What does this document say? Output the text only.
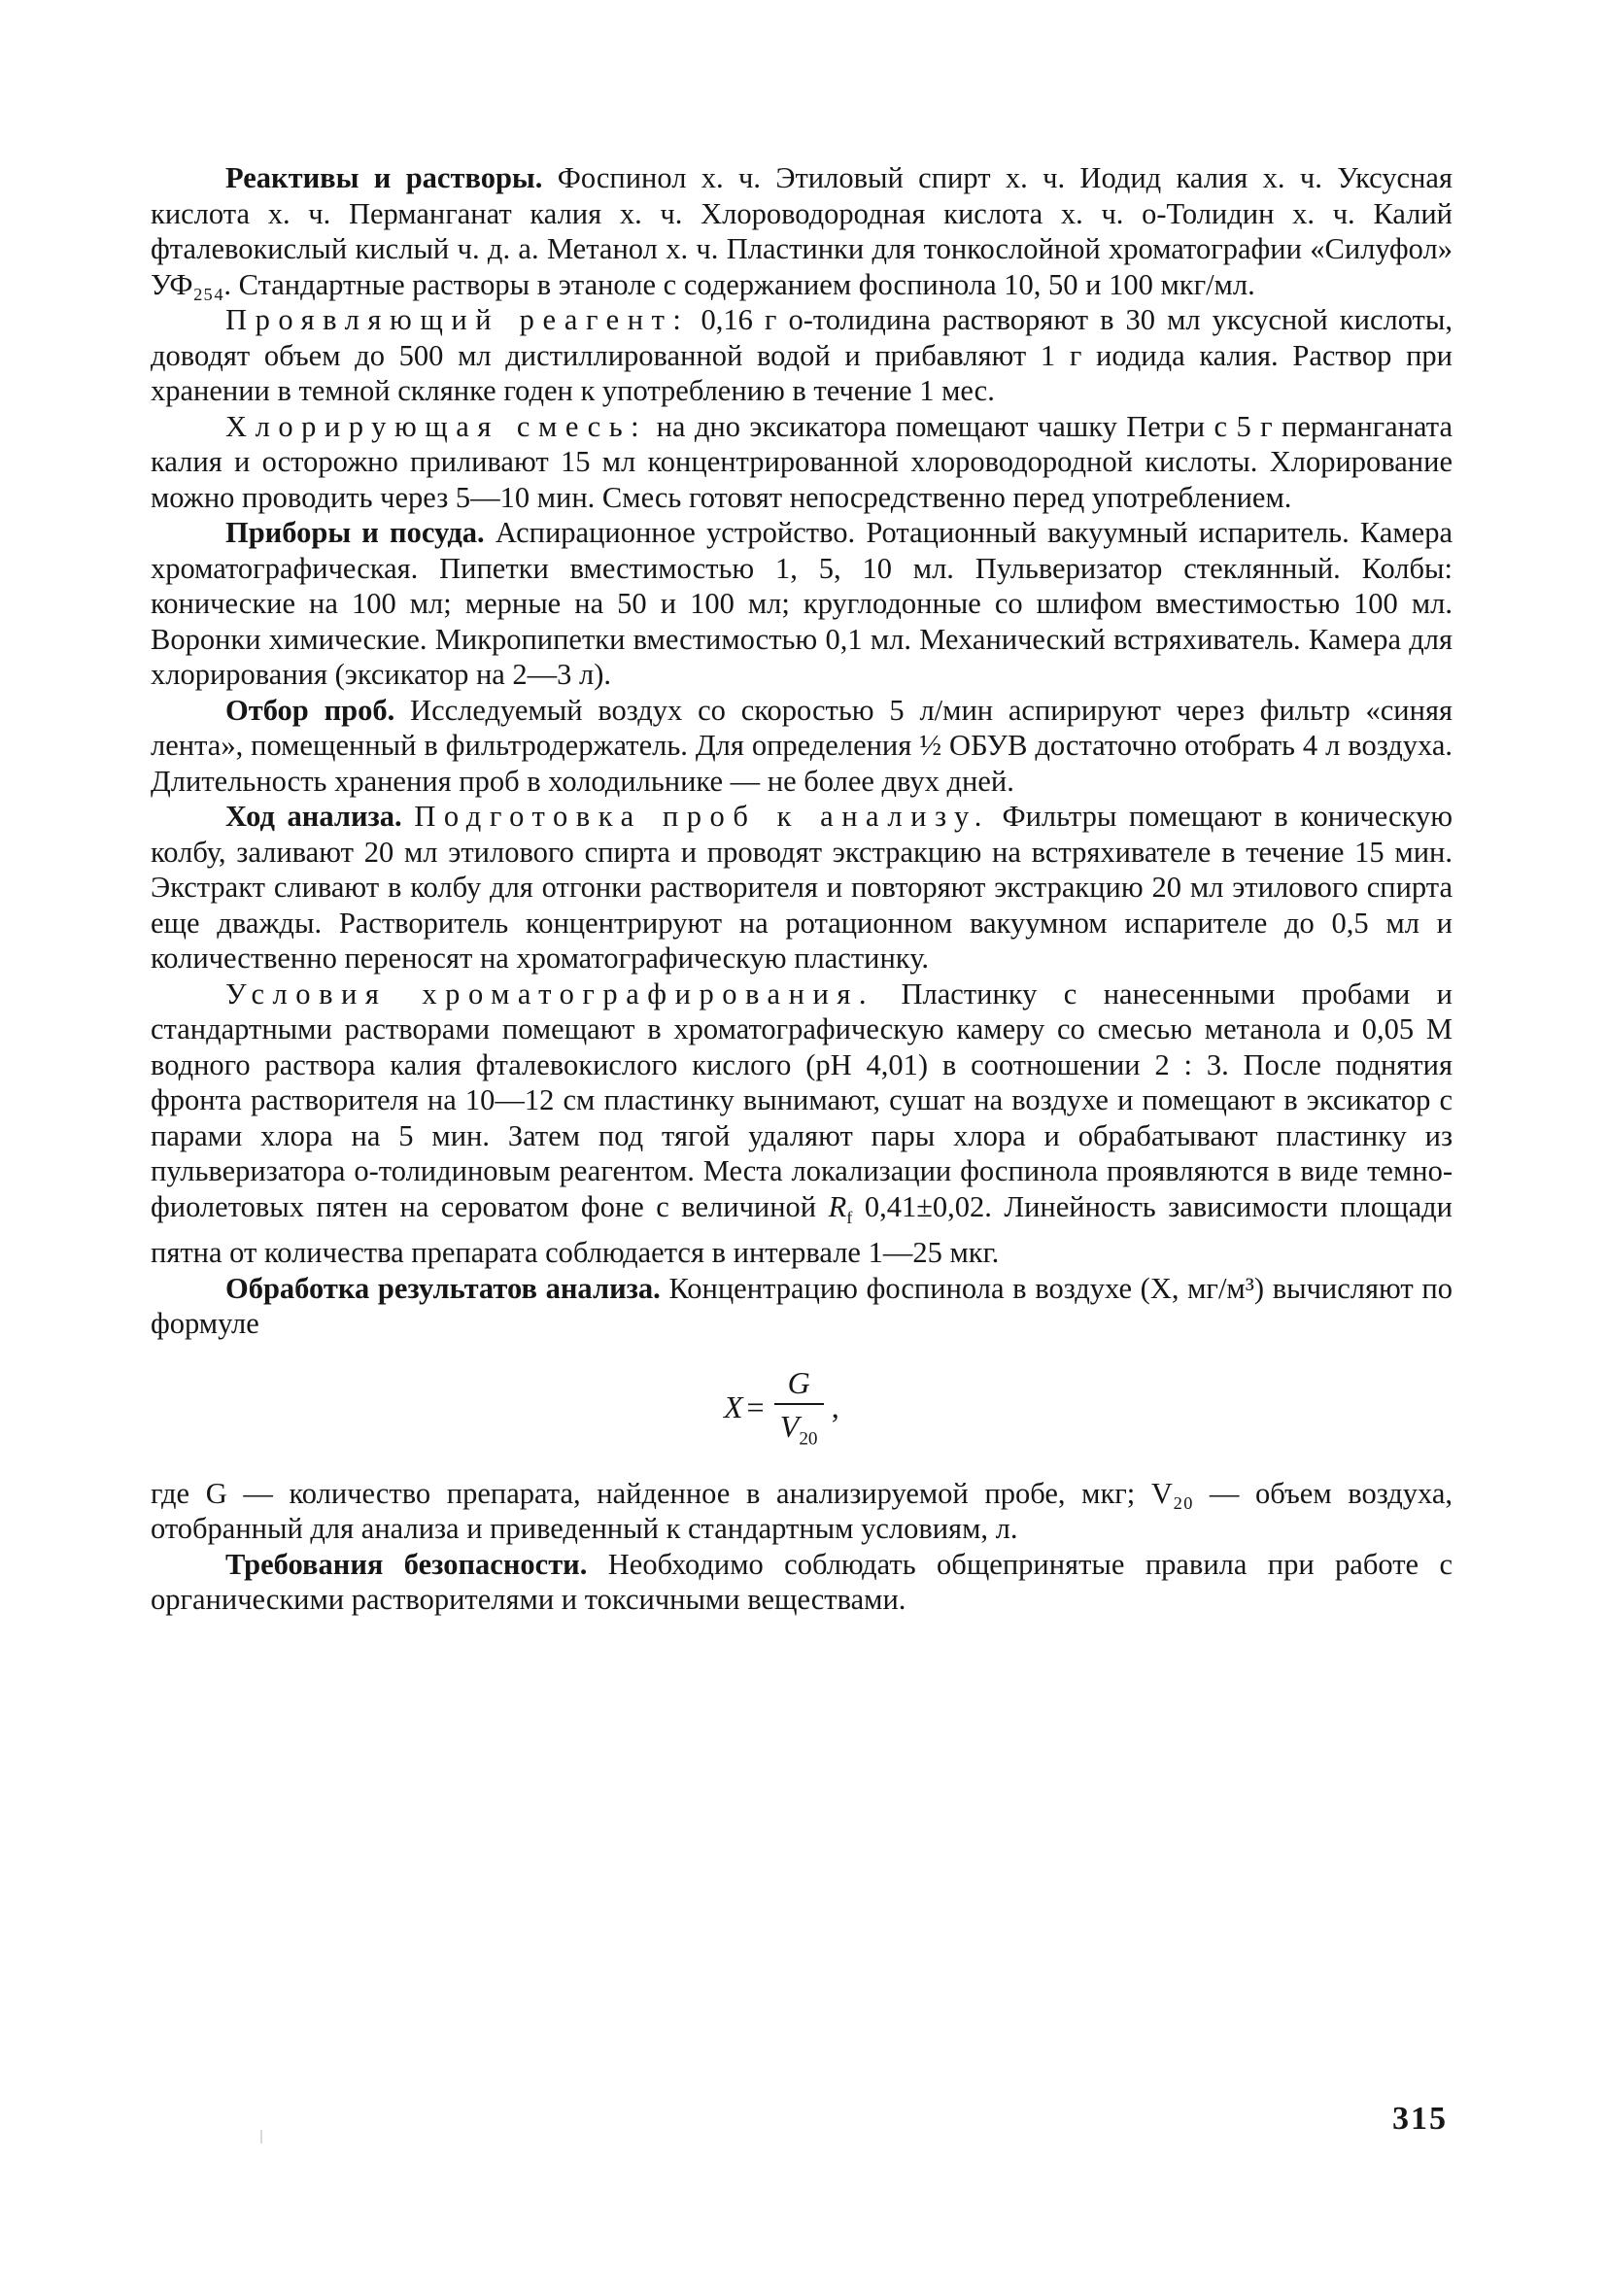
Реактивы и растворы. Фоспинол х. ч. Этиловый спирт х. ч. Иодид калия х. ч. Уксусная кислота х. ч. Перманганат калия х. ч. Хлороводородная кислота х. ч. о-Толидин х. ч. Калий фталевокислый кислый ч. д. а. Метанол х. ч. Пластинки для тонкослойной хроматографии «Силуфол» УФ₂₅₄. Стандартные растворы в этаноле с содержанием фоспинола 10, 50 и 100 мкг/мл.

Проявляющий реагент: 0,16 г о-толидина растворяют в 30 мл уксусной кислоты, доводят объем до 500 мл дистиллированной водой и прибавляют 1 г иодида калия. Раствор при хранении в темной склянке годен к употреблению в течение 1 мес.

Хлорирующая смесь: на дно эксикатора помещают чашку Петри с 5 г перманганата калия и осторожно приливают 15 мл концентрированной хлороводородной кислоты. Хлорирование можно проводить через 5—10 мин. Смесь готовят непосредственно перед употреблением.

Приборы и посуда. Аспирационное устройство. Ротационный вакуумный испаритель. Камера хроматографическая. Пипетки вместимостью 1, 5, 10 мл. Пульверизатор стеклянный. Колбы: конические на 100 мл; мерные на 50 и 100 мл; круглодонные со шлифом вместимостью 100 мл. Воронки химические. Микропипетки вместимостью 0,1 мл. Механический встряхиватель. Камера для хлорирования (эксикатор на 2—3 л).

Отбор проб. Исследуемый воздух со скоростью 5 л/мин аспирируют через фильтр «синяя лента», помещенный в фильтродержатель. Для определения ½ ОБУВ достаточно отобрать 4 л воздуха. Длительность хранения проб в холодильнике — не более двух дней.

Ход анализа. Подготовка проб к анализу. Фильтры помещают в коническую колбу, заливают 20 мл этилового спирта и проводят экстракцию на встряхивателе в течение 15 мин. Экстракт сливают в колбу для отгонки растворителя и повторяют экстракцию 20 мл этилового спирта еще дважды. Растворитель концентрируют на ротационном вакуумном испарителе до 0,5 мл и количественно переносят на хроматографическую пластинку.

Условия хроматографирования. Пластинку с нанесенными пробами и стандартными растворами помещают в хроматографическую камеру со смесью метанола и 0,05 М водного раствора калия фталевокислого кислого (pH 4,01) в соотношении 2 : 3. После поднятия фронта растворителя на 10—12 см пластинку вынимают, сушат на воздухе и помещают в эксикатор с парами хлора на 5 мин. Затем под тягой удаляют пары хлора и обрабатывают пластинку из пульверизатора о-толидиновым реагентом. Места локализации фоспинола проявляются в виде темно-фиолетовых пятен на сероватом фоне с величиной $R_f$ 0,41±0,02. Линейность зависимости площади пятна от количества препарата соблюдается в интервале 1—25 мкг.

Обработка результатов анализа. Концентрацию фоспинола в воздухе (X, мг/м³) вычисляют по формуле

$X = \frac{G}{V_{20}}$ ,

где G — количество препарата, найденное в анализируемой пробе, мкг; V₂₀ — объем воздуха, отобранный для анализа и приведенный к стандартным условиям, л.

Требования безопасности. Необходимо соблюдать общепринятые правила при работе с органическими растворителями и токсичными веществами.

315
